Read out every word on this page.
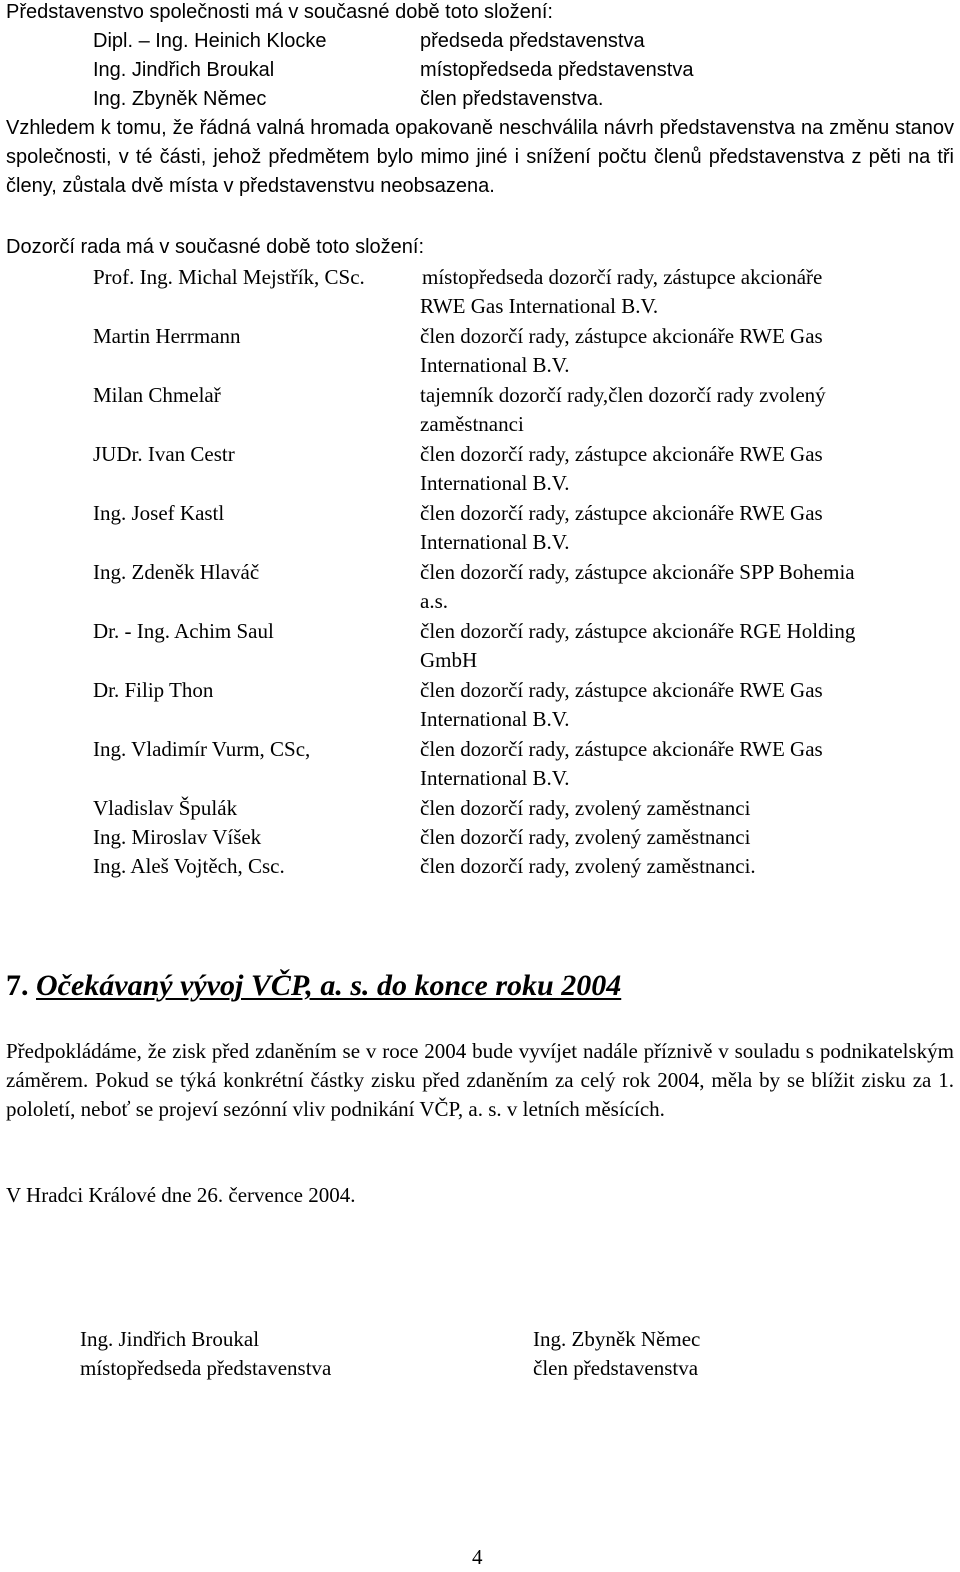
Představenstvo společnosti má v současné době toto složení:
Dipl. – Ing. Heinich Klocke	předseda představenstva
Ing. Jindřich Broukal	místopředseda představenstva
Ing. Zbyněk Němec	člen představenstva.
Vzhledem k tomu, že řádná valná hromada opakovaně neschválila návrh představenstva na změnu stanov společnosti, v té části, jehož předmětem bylo mimo jiné i snížení počtu členů představenstva z pěti na tři členy, zůstala dvě místa v představenstvu neobsazena.
Dozorčí rada má v současné době toto složení:
Prof. Ing. Michal Mejstřík, CSc.	místopředseda dozorčí rady, zástupce akcionáře
RWE Gas International B.V.
Martin Herrmann	člen dozorčí rady, zástupce akcionáře RWE Gas
International B.V.
Milan Chmelař	tajemník dozorčí rady,člen dozorčí rady zvolený
zaměstnanci
JUDr. Ivan Cestr	člen dozorčí rady, zástupce akcionáře RWE Gas
International B.V.
Ing. Josef Kastl	člen dozorčí rady, zástupce akcionáře RWE Gas
International B.V.
Ing. Zdeněk Hlaváč	člen dozorčí rady, zástupce akcionáře SPP Bohemia
a.s.
Dr. - Ing. Achim Saul	člen dozorčí rady, zástupce akcionáře RGE Holding
GmbH
Dr. Filip Thon	člen dozorčí rady, zástupce akcionáře RWE Gas
International B.V.
Ing. Vladimír Vurm, CSc,	člen dozorčí rady, zástupce akcionáře RWE Gas
International B.V.
Vladislav Špulák	člen dozorčí rady, zvolený zaměstnanci
Ing. Miroslav Víšek	člen dozorčí rady, zvolený zaměstnanci
Ing. Aleš Vojtěch, Csc.	člen dozorčí rady, zvolený zaměstnanci.
7. Očekávaný vývoj VČP, a. s. do konce roku 2004
Předpokládáme, že zisk před zdaněním se v roce 2004 bude vyvíjet nadále příznivě v souladu s podnikatelským záměrem. Pokud se týká konkrétní částky zisku před zdaněním za celý rok 2004, měla by se blížit zisku za 1. pololetí, neboť se projeví sezónní vliv podnikání VČP, a. s. v letních měsících.
V Hradci Králové dne 26. července 2004.
Ing. Jindřich Broukal
místopředseda představenstva
Ing. Zbyněk Němec
člen představenstva
4
